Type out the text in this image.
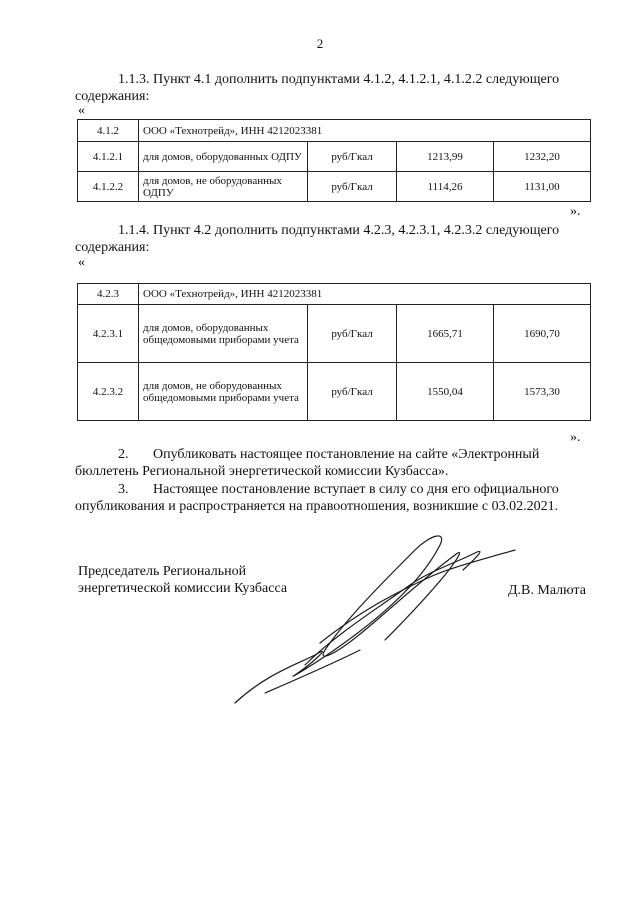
2
1.1.3. Пункт 4.1 дополнить подпунктами 4.1.2, 4.1.2.1, 4.1.2.2 следующего
содержания:
«
4.1.2	ООО «Технотрейд», ИНН 4212023381			
4.1.2.1	для домов, оборудованных ОДПУ	руб/Гкал	1213,99	1232,20
4.1.2.2	для домов, не оборудованных ОДПУ	руб/Гкал	1114,26	1131,00
».
1.1.4. Пункт 4.2 дополнить подпунктами 4.2.3, 4.2.3.1, 4.2.3.2 следующего
содержания:
«
4.2.3	ООО «Технотрейд», ИНН 4212023381			
4.2.3.1	для домов, оборудованных общедомовыми приборами учета	руб/Гкал	1665,71	1690,70
4.2.3.2	для домов, не оборудованных общедомовыми приборами учета	руб/Гкал	1550,04	1573,30
».
2. Опубликовать настоящее постановление на сайте «Электронный
бюллетень Региональной энергетической комиссии Кузбасса».
3. Настоящее постановление вступает в силу со дня его официального
опубликования и распространяется на правоотношения, возникшие с 03.02.2021.
Председатель Региональной
энергетической комиссии Кузбасса	Д.В. Малюта
